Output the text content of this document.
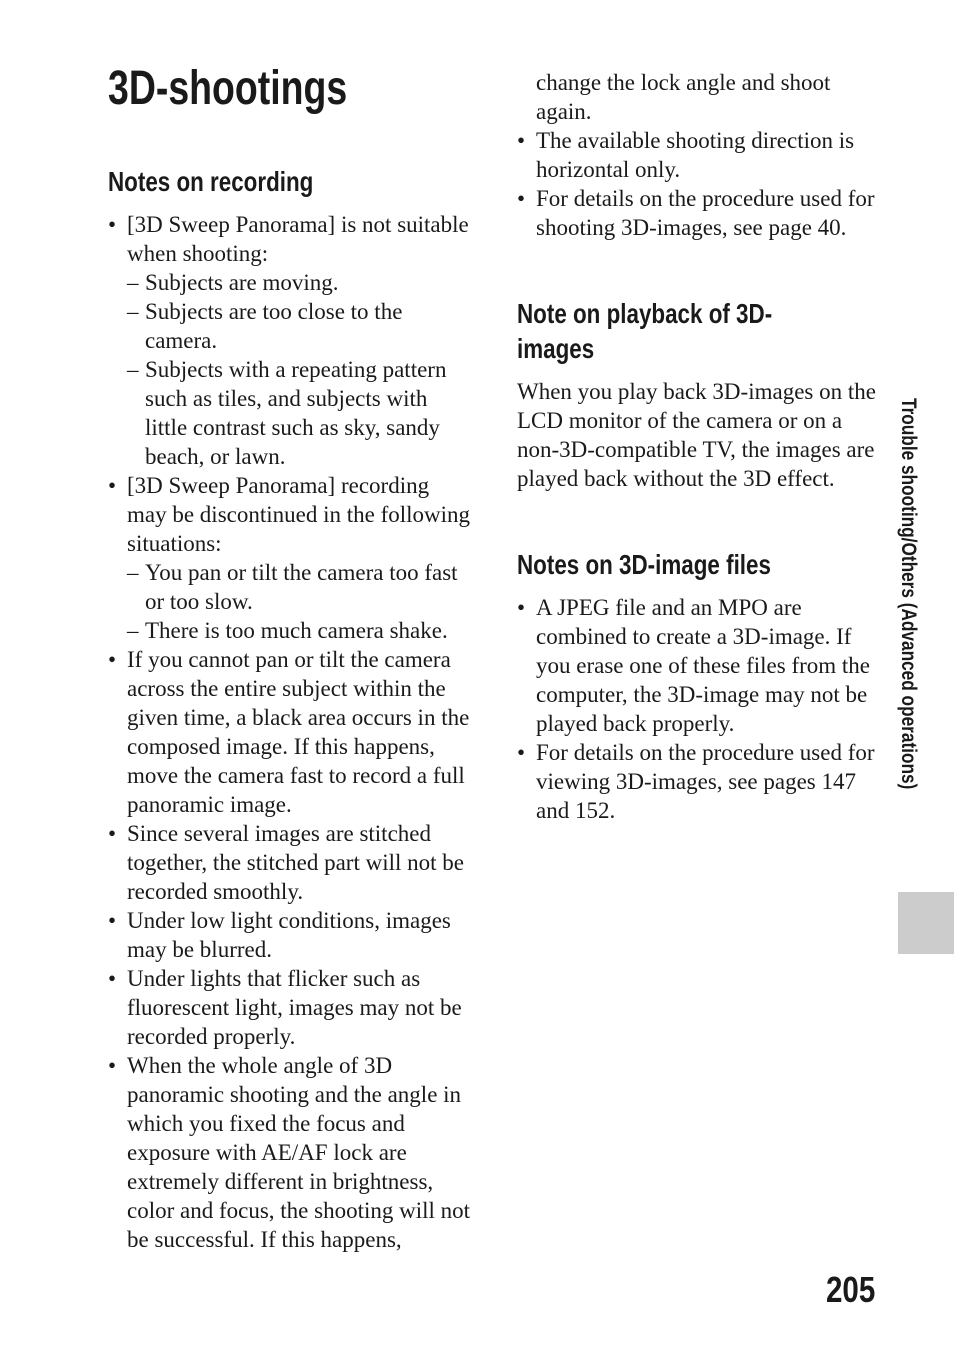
3D-shootings
Notes on recording
• [3D Sweep Panorama] is not suitable when shooting:
– Subjects are moving.
– Subjects are too close to the camera.
– Subjects with a repeating pattern such as tiles, and subjects with little contrast such as sky, sandy beach, or lawn.
• [3D Sweep Panorama] recording may be discontinued in the following situations:
– You pan or tilt the camera too fast or too slow.
– There is too much camera shake.
• If you cannot pan or tilt the camera across the entire subject within the given time, a black area occurs in the composed image. If this happens, move the camera fast to record a full panoramic image.
• Since several images are stitched together, the stitched part will not be recorded smoothly.
• Under low light conditions, images may be blurred.
• Under lights that flicker such as fluorescent light, images may not be recorded properly.
• When the whole angle of 3D panoramic shooting and the angle in which you fixed the focus and exposure with AE/AF lock are extremely different in brightness, color and focus, the shooting will not be successful. If this happens,
change the lock angle and shoot again.
• The available shooting direction is horizontal only.
• For details on the procedure used for shooting 3D-images, see page 40.
Note on playback of 3D-images

When you play back 3D-images on the LCD monitor of the camera or on a non-3D-compatible TV, the images are played back without the 3D effect.

Notes on 3D-image files
• A JPEG file and an MPO are combined to create a 3D-image. If you erase one of these files from the computer, the 3D-image may not be played back properly.
• For details on the procedure used for viewing 3D-images, see pages 147 and 152.
Trouble shooting/Others (Advanced operations)
205
